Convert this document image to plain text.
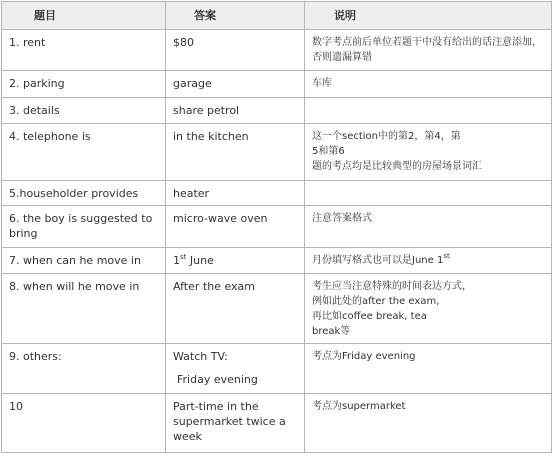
题目	答案	说明

1. rent	$80	数字考点前后单位若题干中没有给出的话注意添加，
否则遗漏算错

2. parking	garage	车库

3. details	share petrol	

4. telephone is	in the kitchen	这一个section中的第2，第4，第
5和第6
题的考点均是比较典型的房屋场景词汇

5.householder provides	heater	

6. the boy is suggested to bring	micro-wave oven	注意答案格式

7. when can he move in	1st June	月份填写格式也可以是June 1st

8. when will he move in	After the exam	考生应当注意特殊的时间表达方式，
例如此处的after the exam,
再比如coffee break, tea
break等

9. others:	Watch TV:
Friday evening	考点为Friday evening

10	Part-time in the
supermarket twice a
week	考点为supermarket
